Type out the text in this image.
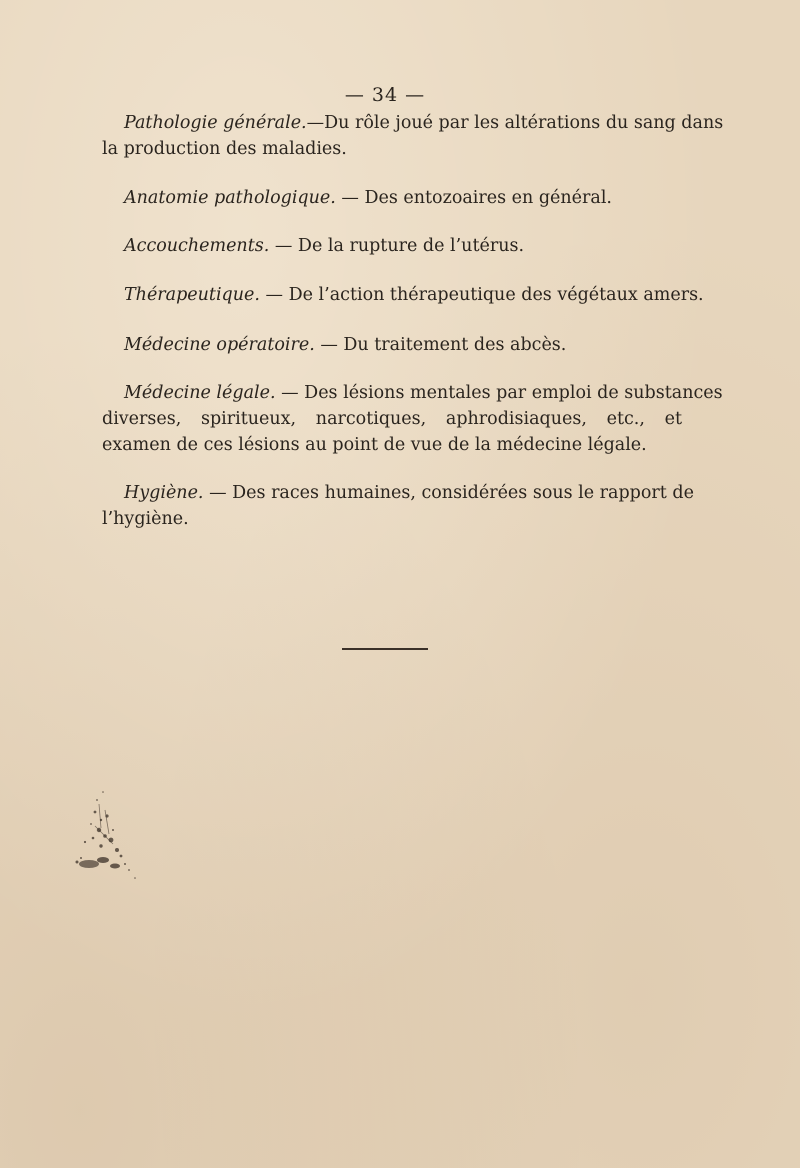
— 34 —
Pathologie générale.—Du rôle joué par les altérations du sang dans
la production des maladies.
Anatomie pathologique. — Des entozoaires en général.
Accouchements. — De la rupture de l’utérus.
Thérapeutique. — De l’action thérapeutique des végétaux amers.
Médecine opératoire. — Du traitement des abcès.
Médecine légale. — Des lésions mentales par emploi de substances
diverses, spiritueux, narcotiques, aphrodisiaques, etc., et examen de ces lésions au point de vue de la médecine légale.
Hygiène. — Des races humaines, considérées sous le rapport de
l’hygiène.
